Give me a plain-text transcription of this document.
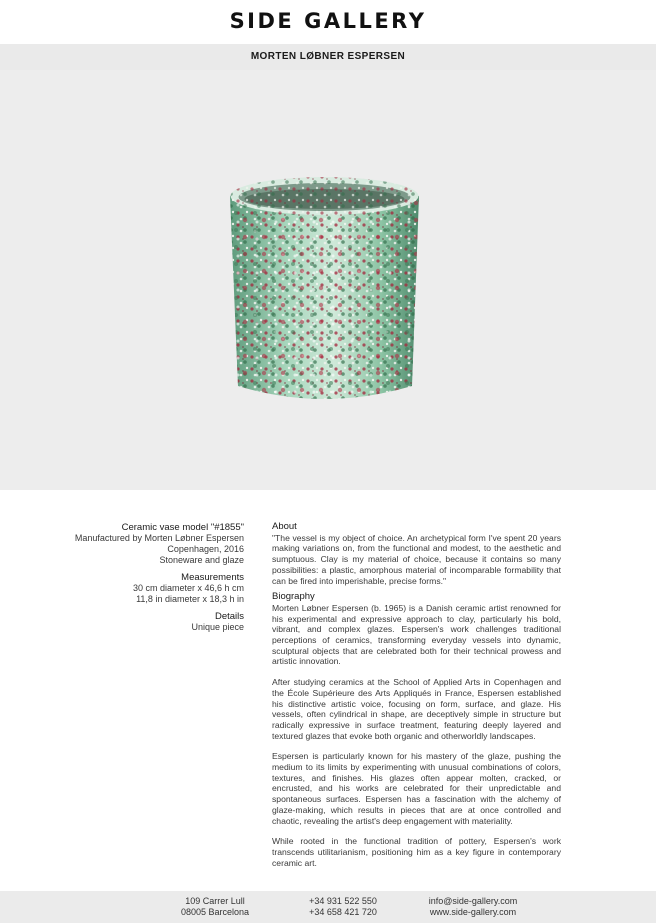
SIDE GALLERY
MORTEN LØBNER ESPERSEN
Ceramic vase model "#1855"
Manufactured by Morten Løbner Espersen
Copenhagen, 2016
Stoneware and glaze
Measurements
30 cm diameter x 46,6 h cm
11,8 in diameter x 18,3 h in
Details
Unique piece
About

"The vessel is my object of choice. An archetypical form I've spent 20 years making variations on, from the functional and modest, to the aesthetic and sumptuous. Clay is my material of choice, because it contains so many possibilities: a plastic, amorphous material of incomparable formability that can be fired into imperishable, precise forms."

Biography

Morten Løbner Espersen (b. 1965) is a Danish ceramic artist renowned for his experimental and expressive approach to clay, particularly his bold, vibrant, and complex glazes. Espersen's work challenges traditional perceptions of ceramics, transforming everyday vessels into dynamic, sculptural objects that are celebrated both for their technical prowess and artistic innovation.

After studying ceramics at the School of Applied Arts in Copenhagen and the École Supérieure des Arts Appliqués in France, Espersen established his distinctive artistic voice, focusing on form, surface, and glaze. His vessels, often cylindrical in shape, are deceptively simple in structure but radically expressive in surface treatment, featuring deeply layered and textured glazes that evoke both organic and otherworldly landscapes.

Espersen is particularly known for his mastery of the glaze, pushing the medium to its limits by experimenting with unusual combinations of colors, textures, and finishes. His glazes often appear molten, cracked, or encrusted, and his works are celebrated for their unpredictable and spontaneous surfaces. Espersen has a fascination with the alchemy of glaze-making, which results in pieces that are at once controlled and chaotic, revealing the artist's deep engagement with materiality.

While rooted in the functional tradition of pottery, Espersen's work transcends utilitarianism, positioning him as a key figure in contemporary ceramic art.

109 Carrer Lull
08005 Barcelona
+34 931 522 550
+34 658 421 720
info@side-gallery.com
www.side-gallery.com
